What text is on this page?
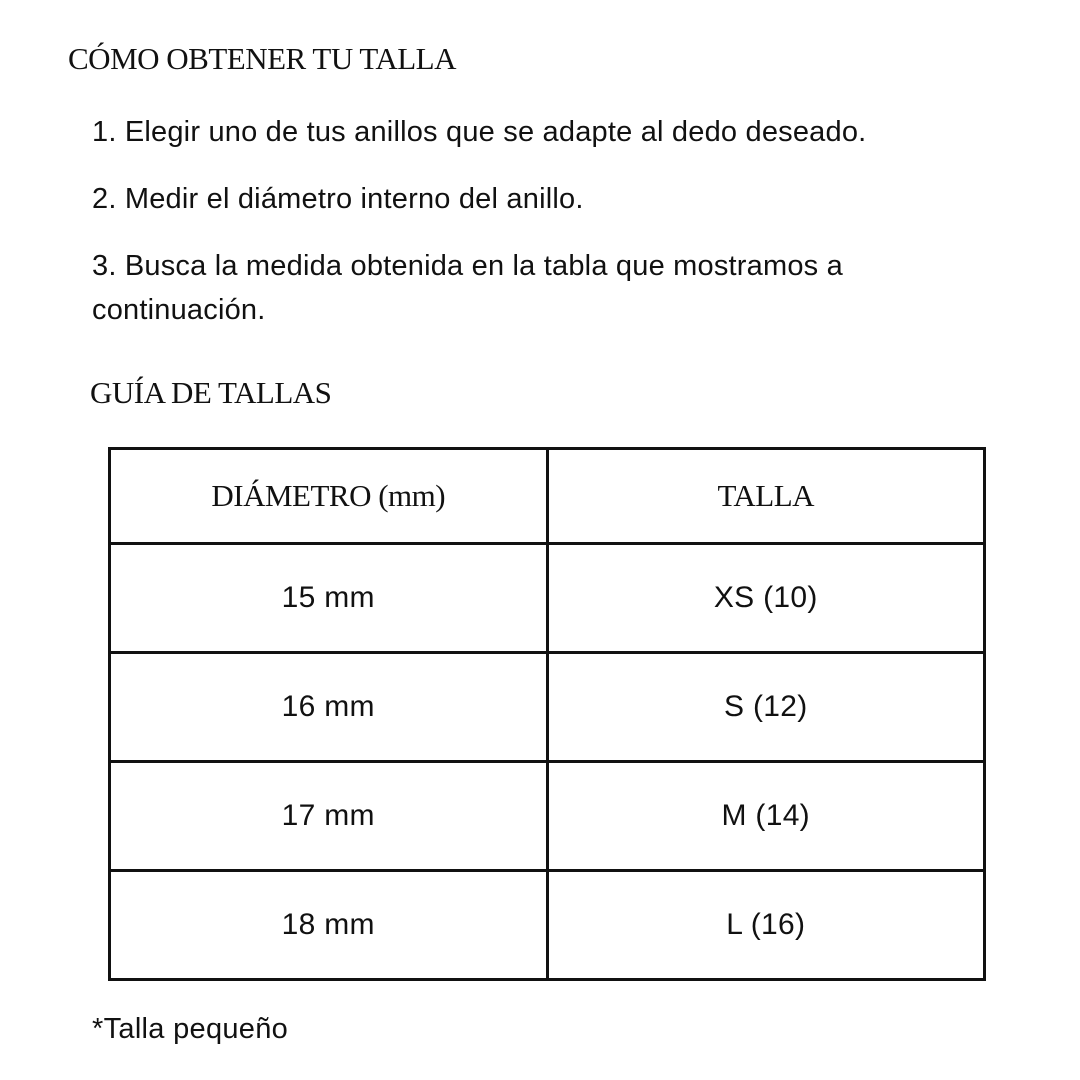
CÓMO OBTENER TU TALLA
1. Elegir uno de tus anillos que se adapte al dedo deseado.
2. Medir el diámetro interno del anillo.
3. Busca la medida obtenida en la tabla que mostramos a continuación.
GUÍA DE TALLAS
DIÁMETRO (mm)	TALLA
15 mm	XS (10)
16 mm	S (12)
17 mm	M (14)
18 mm	L (16)

*Talla pequeño
